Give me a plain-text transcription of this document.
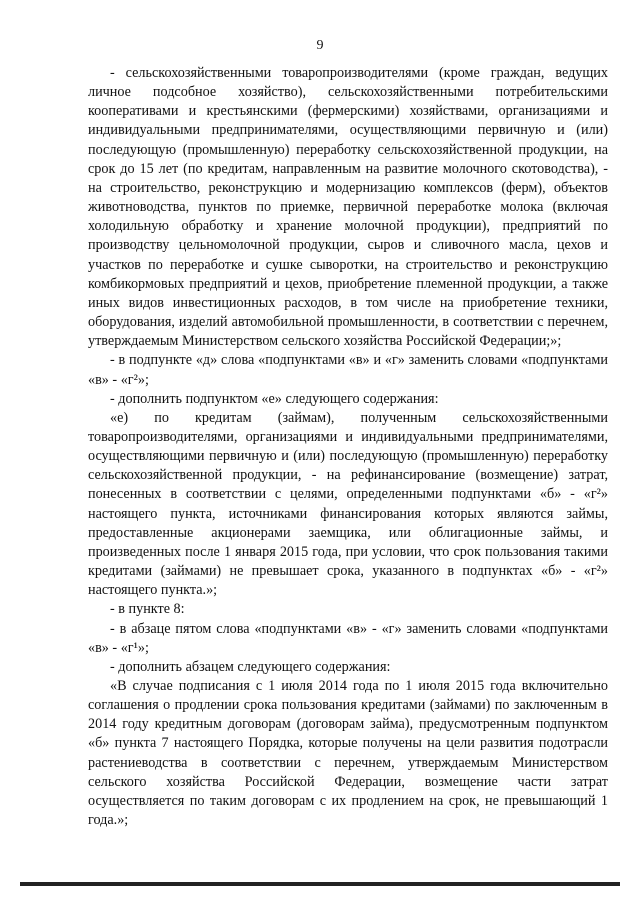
9

- сельскохозяйственными товаропроизводителями (кроме граждан, ведущих личное подсобное хозяйство), сельскохозяйственными потребительскими кооперативами и крестьянскими (фермерскими) хозяйствами, организациями и индивидуальными предпринимателями, осуществляющими первичную и (или) последующую (промышленную) переработку сельскохозяйственной продукции, на срок до 15 лет (по кредитам, направленным на развитие молочного скотоводства), - на строительство, реконструкцию и модернизацию комплексов (ферм), объектов животноводства, пунктов по приемке, первичной переработке молока (включая холодильную обработку и хранение молочной продукции), предприятий по производству цельномолочной продукции, сыров и сливочного масла, цехов и участков по переработке и сушке сыворотки, на строительство и реконструкцию комбикормовых предприятий и цехов, приобретение племенной продукции, а также иных видов инвестиционных расходов, в том числе на приобретение техники, оборудования, изделий автомобильной промышленности, в соответствии с перечнем, утверждаемым Министерством сельского хозяйства Российской Федерации;»;

- в подпункте «д» слова «подпунктами «в» и «г» заменить словами «подпунктами «в» - «г²»;

- дополнить подпунктом «е» следующего содержания:

«е) по кредитам (займам), полученным сельскохозяйственными товаропроизводителями, организациями и индивидуальными предпринимателями, осуществляющими первичную и (или) последующую (промышленную) переработку сельскохозяйственной продукции, - на рефинансирование (возмещение) затрат, понесенных в соответствии с целями, определенными подпунктами «б» - «г²» настоящего пункта, источниками финансирования которых являются займы, предоставленные акционерами заемщика, или облигационные займы, и произведенных после 1 января 2015 года, при условии, что срок пользования такими кредитами (займами) не превышает срока, указанного в подпунктах «б» - «г²» настоящего пункта.»;

- в пункте 8:

- в абзаце пятом слова «подпунктами «в» - «г» заменить словами «подпунктами «в» - «г¹»;

- дополнить абзацем следующего содержания:

«В случае подписания с 1 июля 2014 года по 1 июля 2015 года включительно соглашения о продлении срока пользования кредитами (займами) по заключенным в 2014 году кредитным договорам (договорам займа), предусмотренным подпунктом «б» пункта 7 настоящего Порядка, которые получены на цели развития подотрасли растениеводства в соответствии с перечнем, утверждаемым Министерством сельского хозяйства Российской Федерации, возмещение части затрат осуществляется по таким договорам с их продлением на срок, не превышающий 1 года.»;
